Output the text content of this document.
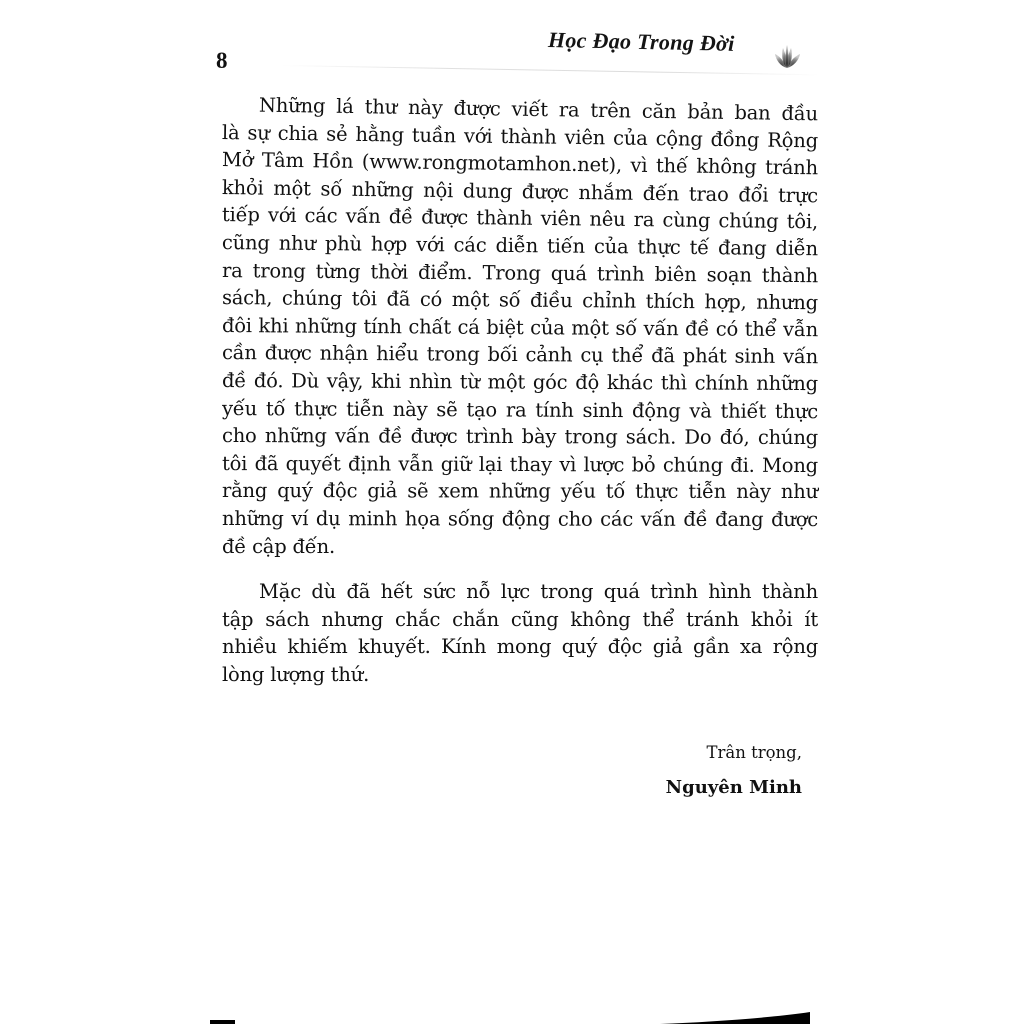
8
Học Đạo Trong Đời
Những lá thư này được viết ra trên căn bản ban đầu
là sự chia sẻ hằng tuần với thành viên của cộng đồng Rộng
Mở Tâm Hồn (www.rongmotamhon.net), vì thế không tránh
khỏi một số những nội dung được nhắm đến trao đổi trực
tiếp với các vấn đề được thành viên nêu ra cùng chúng tôi,
cũng như phù hợp với các diễn tiến của thực tế đang diễn
ra trong từng thời điểm. Trong quá trình biên soạn thành
sách, chúng tôi đã có một số điều chỉnh thích hợp, nhưng
đôi khi những tính chất cá biệt của một số vấn đề có thể vẫn
cần được nhận hiểu trong bối cảnh cụ thể đã phát sinh vấn
đề đó. Dù vậy, khi nhìn từ một góc độ khác thì chính những
yếu tố thực tiễn này sẽ tạo ra tính sinh động và thiết thực
cho những vấn đề được trình bày trong sách. Do đó, chúng
tôi đã quyết định vẫn giữ lại thay vì lược bỏ chúng đi. Mong
rằng quý độc giả sẽ xem những yếu tố thực tiễn này như
những ví dụ minh họa sống động cho các vấn đề đang được
đề cập đến.
Mặc dù đã hết sức nỗ lực trong quá trình hình thành
tập sách nhưng chắc chắn cũng không thể tránh khỏi ít
nhiều khiếm khuyết. Kính mong quý độc giả gần xa rộng
lòng lượng thứ.
Trân trọng,
Nguyên Minh
